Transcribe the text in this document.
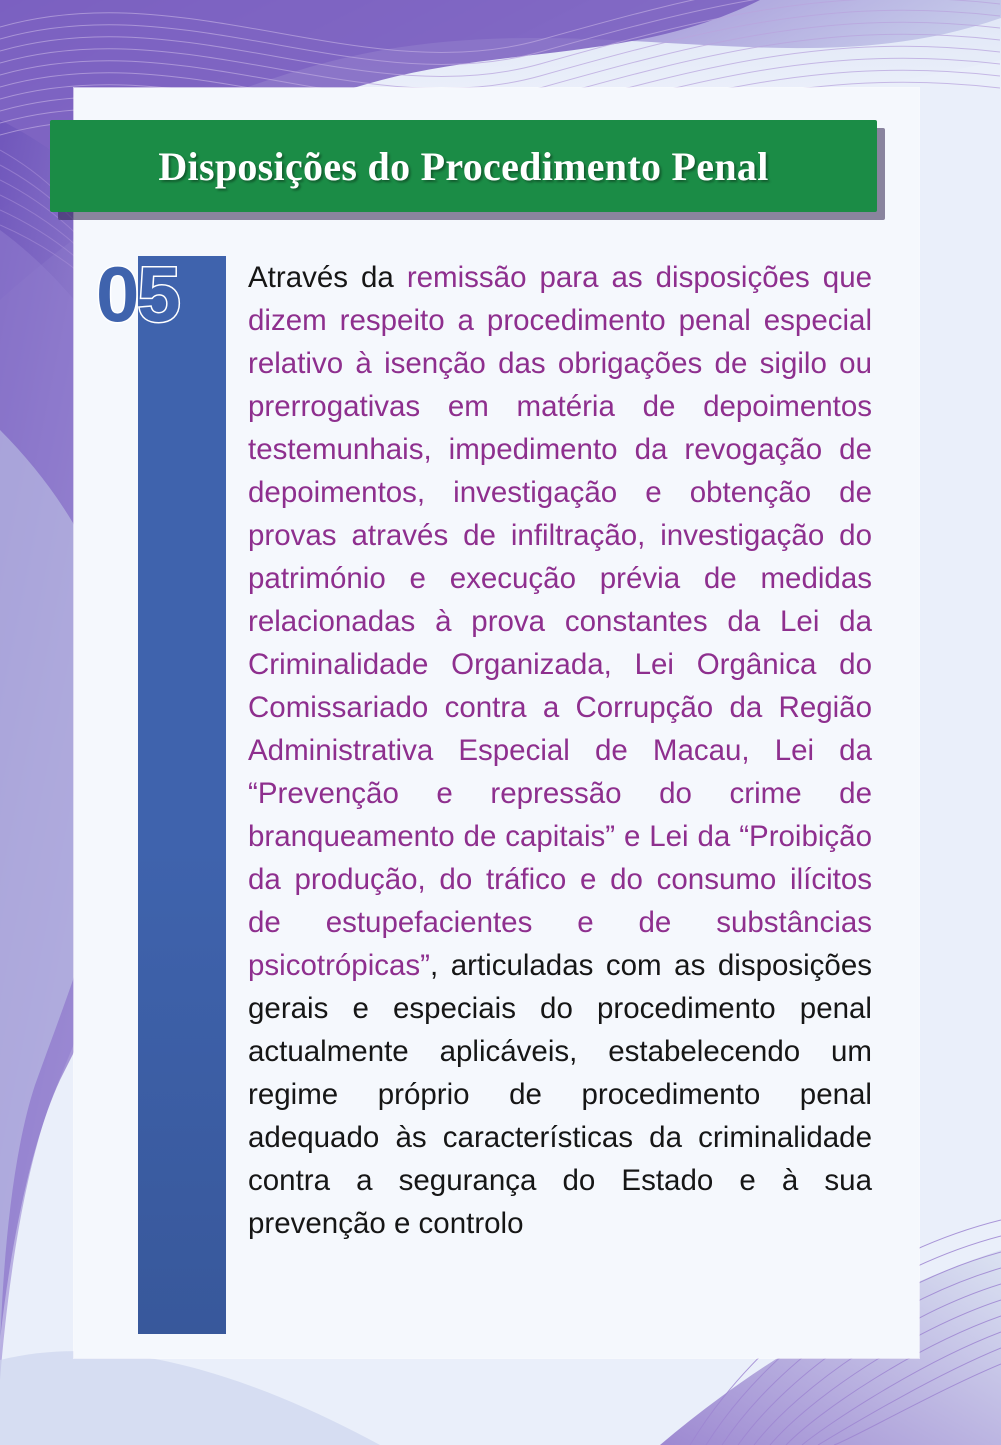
Disposições do Procedimento Penal
05 Através da remissão para as disposições que dizem respeito a procedimento penal especial relativo à isenção das obrigações de sigilo ou prerrogativas em matéria de depoimentos testemunhais, impedimento da revogação de depoimentos, investigação e obtenção de provas através de infiltração, investigação do património e execução prévia de medidas relacionadas à prova constantes da Lei da Criminalidade Organizada, Lei Orgânica do Comissariado contra a Corrupção da Região Administrativa Especial de Macau, Lei da “Prevenção e repressão do crime de branqueamento de capitais” e Lei da “Proibição da produção, do tráfico e do consumo ilícitos de estupefacientes e de substâncias psicotrópicas”, articuladas com as disposições gerais e especiais do procedimento penal actualmente aplicáveis, estabelecendo um regime próprio de procedimento penal adequado às características da criminalidade contra a segurança do Estado e à sua prevenção e controlo
